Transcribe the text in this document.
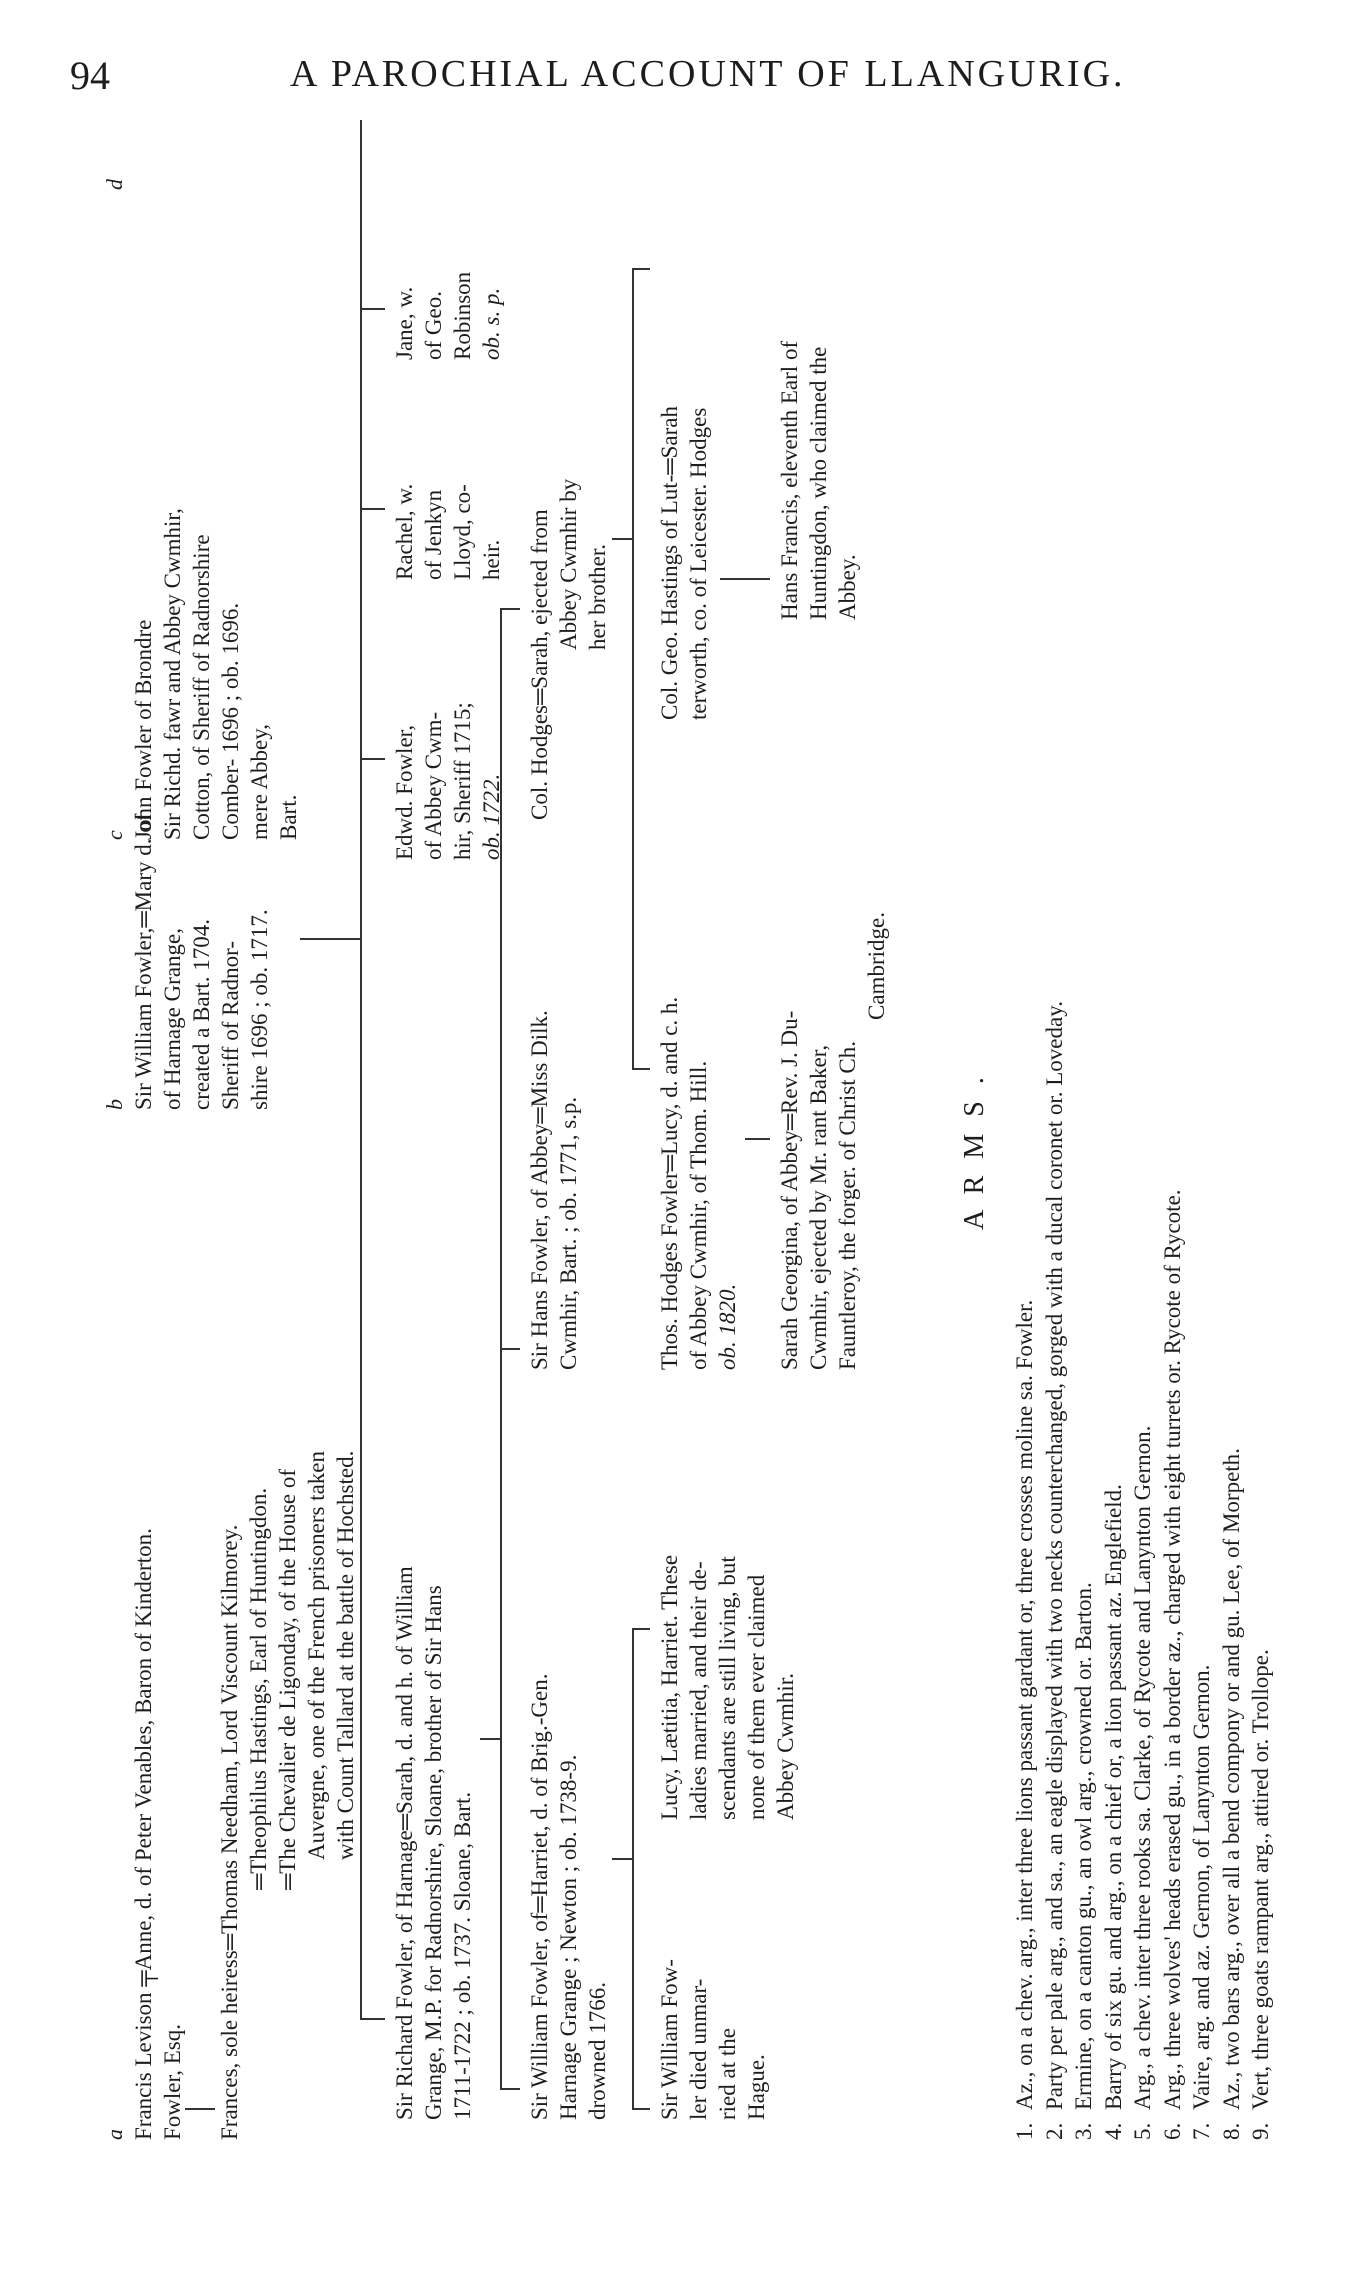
94	A PAROCHIAL ACCOUNT OF LLANGURIG.
a Francis Levison ╤Anne, d. of Peter Venables, Baron of Kinderton. Fowler, Esq.
b Sir William Fowler,═Mary d. of of Harnage Grange, created a Bart. 1704. Sheriff of Radnor- shire 1696 ; ob. 1717.
c John Fowler of Brondre Sir Richd. fawr and Abbey Cwmhir, Cotton, of Sheriff of Radnorshire Comber- 1696 ; ob. 1696. mere Abbey, Bart.
d
Frances, sole heiress═Thomas Needham, Lord Viscount Kilmorey. ═Theophilus Hastings, Earl of Huntingdon. ═The Chevalier de Ligonday, of the House of Auvergne, one of the French prisoners taken with Count Tallard at the battle of Hochsted. Sir Richard Fowler, of Harnage═Sarah, d. and h. of William Grange, M.P. for Radnorshire, Sloane, brother of Sir Hans 1711-1722 ; ob. 1737. Sloane, Bart.
Edwd. Fowler, of Abbey Cwm- hir, Sheriff 1715; ob. 1722.
Rachel, w. of Jenkyn Lloyd, co- heir.
Jane, w. of Geo. Robinson ob. s. p.
Sir William Fowler, of═Harriet, d. of Brig.-Gen. Harnage Grange ; Newton ; ob. 1738-9. drowned 1766.
Sir Hans Fowler, of Abbey═Miss Dilk. Cwmhir, Bart. ; ob. 1771, s.p.
Col. Hodges═Sarah, ejected from Abbey Cwmhir by her brother.
Sir William Fow- ler died unmar- ried at the Hague.
Lucy, Lætitia, Harriet. These ladies married, and their de- scendants are still living, but none of them ever claimed Abbey Cwmhir.
Thos. Hodges Fowler═Lucy, d. and c. h. of Abbey Cwmhir, of Thom. Hill. ob. 1820.
Col. Geo. Hastings of Lut-═Sarah terworth, co. of Leicester. Hodges
Sarah Georgina, of Abbey═Rev. J. Du- Cwmhir, ejected by Mr. rant Baker, Fauntleroy, the forger. of Christ Ch.
Cambridge.
Hans Francis, eleventh Earl of Huntingdon, who claimed the Abbey.
A R M S .
1.Az., on a chev. arg., inter three lions passant gardant or, three crosses moline sa. Fowler.
2.Party per pale arg., and sa., an eagle displayed with two necks counterchanged, gorged with a ducal coronet or. Loveday.
3.Ermine, on a canton gu., an owl arg., crowned or. Barton.
4.Barry of six gu. and arg., on a chief or, a lion passant az. Englefield.
5.Arg., a chev. inter three rooks sa. Clarke, of Rycote and Lanynton Gernon.
6.Arg., three wolves' heads erased gu., in a border az., charged with eight turrets or. Rycote of Rycote.
7.Vaire, arg. and az. Gernon, of Lanynton Gernon.
8.Az., two bars arg., over all a bend compony or and gu. Lee, of Morpeth.
9.Vert, three goats rampant arg., attired or. Trollope.
